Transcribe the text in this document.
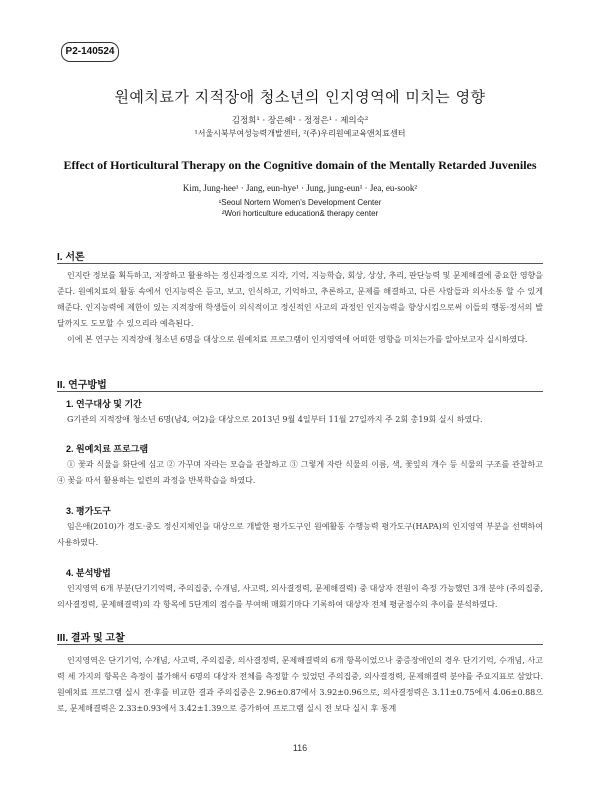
P2-140524
원예치료가 지적장애 청소년의 인지영역에 미치는 영향
김정희¹ · 장은혜¹ · 정정은¹ · 제의숙²
¹서울시북부여성능력개발센터, ²(주)우리원예교육앤치료센터
Effect of Horticultural Therapy on the Cognitive domain of the Mentally Retarded Juveniles
Kim, Jung-hee¹ · Jang, eun-hye¹ · Jung, jung-eun¹ · Jea, eu-sook²
¹Seoul Nortern Women's Development Center
²Wori horticulture education& therapy center
I. 서론
인지란 정보를 획득하고, 저장하고 활용하는 정신과정으로 지각, 기억, 지능학습, 회상, 상상, 추리, 판단능력 및 문제해결에 중요한 영향을 준다. 원예치료의 활동 속에서 인지능력은 듣고, 보고, 인식하고, 기억하고, 추론하고, 문제를 해결하고, 다른 사람들과 의사소통 할 수 있게 해준다. 인지능력에 제한이 있는 지적장애 학생들이 의식적이고 정신적인 사고의 과정인 인지능력을 향상시킴으로써 이들의 행동·정서의 발달까지도 도모할 수 있으리라 예측된다.
이에 본 연구는 지적장애 청소년 6명을 대상으로 원예치료 프로그램이 인지영역에 어떠한 영향을 미치는가를 알아보고자 실시하였다.
II. 연구방법
1. 연구대상 및 기간
G기관의 지적장애 청소년 6명(남4, 여2)을 대상으로 2013년 9월 4일부터 11월 27일까지 주 2회 총19회 실시 하였다.
2. 원예치료 프로그램
① 꽃과 식물을 화단에 심고 ② 가꾸며 자라는 모습을 관찰하고 ③ 그렇게 자란 식물의 이름, 색, 꽃잎의 개수 등 식물의 구조를 관찰하고 ④ 꽃을 따서 활용하는 일련의 과정을 반복학습을 하였다.
3. 평가도구
임은애(2010)가 경도·중도 정신지체인을 대상으로 개발한 평가도구인 원예활동 수행능력 평가도구(HAPA)의 인지영역 부분을 선택하여 사용하였다.
4. 분석방법
인지영역 6개 부분(단기기억력, 주의집중, 수개념, 사고력, 의사결정력, 문제해결력) 중 대상자 전원이 측정 가능했던 3개 분야 (주의집중, 의사결정력, 문제해결력)의 각 항목에 5단계의 점수를 부여해 매회기마다 기록하여 대상자 전체 평균점수의 추이를 분석하였다.
III. 결과 및 고찰
인지영역은 단기기억, 수개념, 사고력, 주의집중, 의사결정력, 문제해결력의 6개 항목이었으나 중증장애인의 경우 단기기억, 수개념, 사고력 세 가지의 항목은 측정이 불가해서 6명의 대상자 전체를 측정할 수 있었던 주의집중, 의사결정력, 문제해결력 분야를 주요지표로 삼았다. 원예치료 프로그램 실시 전·후를 비교한 결과 주의집중은 2.96±0.87에서 3.92±0.96으로, 의사결정력은 3.11±0.75에서 4.06±0.88으로, 문제해결력은 2.33±0.93에서 3.42±1.39으로 증가하여 프로그램 실시 전 보다 실시 후 통계
116
